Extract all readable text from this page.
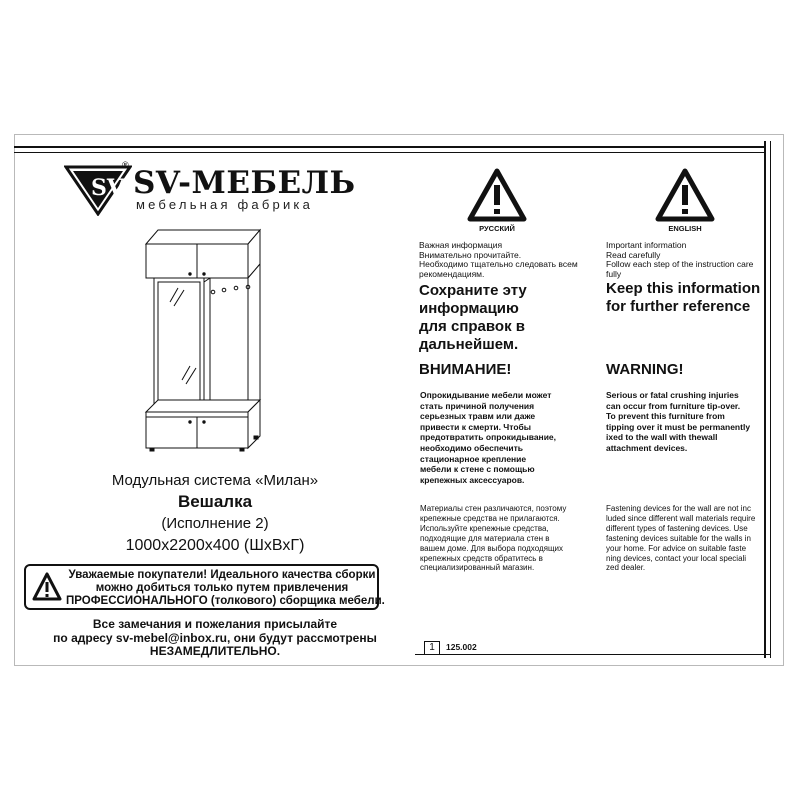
SV
® SV-МЕБЕЛЬ
мебельная фабрика
Модульная система «Милан»
Вешалка
(Исполнение 2)
1000х2200х400 (ШхВхГ)
Уважаемые покупатели! Идеального качества сборки
можно добиться только путем привлечения
ПРОФЕССИОНАЛЬНОГО (толкового) сборщика мебели.
Все замечания и пожелания присылайте
по адресу sv-mebel@inbox.ru, они будут рассмотрены
НЕЗАМЕДЛИТЕЛЬНО.
РУССКИЙ
Важная информация
Внимательно прочитайте.
Необходимо тщательно следовать всем
рекомендациям.
Сохраните эту
информацию
для справок в
дальнейшем.
ВНИМАНИЕ!
Опрокидывание мебели может
стать причиной получения
серьезных травм или даже
привести к смерти. Чтобы
предотвратить опрокидывание,
необходимо обеспечить
стационарное крепление
мебели к стене с помощью
крепежных аксессуаров.
Материалы стен различаются, поэтому
крепежные средства не прилагаются.
Используйте крепежные средства,
подходящие для материала стен в
вашем доме. Для выбора подходящих
крепежных средств обратитесь в
специализированный магазин.
ENGLISH
Important information
Read carefully
Follow each step of the instruction care
fully
Keep this information
for further reference
WARNING!
Serious or fatal crushing injuries
can occur from furniture tip-over.
To prevent this furniture from
tipping over it must be permanently
ixed to the wall with thewall
attachment devices.
Fastening devices for the wall are not inc
luded since different wall materials require
different types of fastening devices. Use
fastening devices suitable for the walls in
your home. For advice on suitable faste
ning devices, contact your local speciali
zed dealer.
1	125.002
